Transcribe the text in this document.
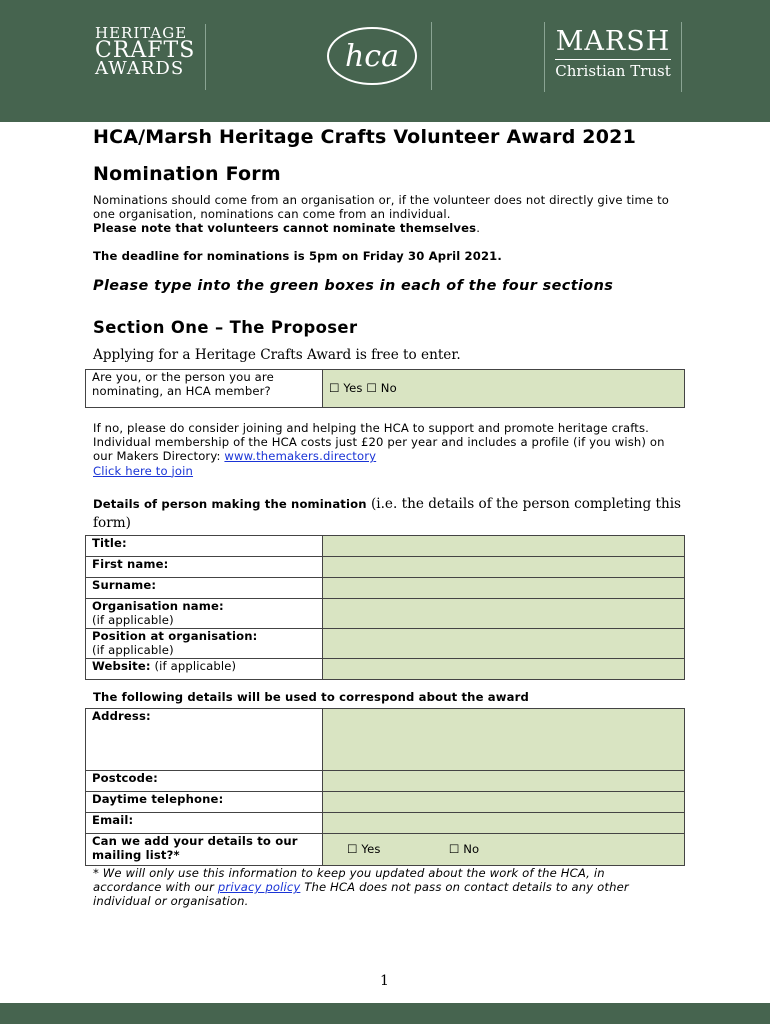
HERITAGE
CRAFTS
AWARDS	hca	MARSH
Christian Trust
HCA/Marsh Heritage Crafts Volunteer Award 2021
Nomination Form
Nominations should come from an organisation or, if the volunteer does not directly give time to one organisation, nominations can come from an individual.
Please note that volunteers cannot nominate themselves.
The deadline for nominations is 5pm on Friday 30 April 2021.
Please type into the green boxes in each of the four sections
Section One – The Proposer
Applying for a Heritage Crafts Award is free to enter.
Are you, or the person you are nominating, an HCA member?	☐ Yes ☐ No
If no, please do consider joining and helping the HCA to support and promote heritage crafts. Individual membership of the HCA costs just £20 per year and includes a profile (if you wish) on our Makers Directory: www.themakers.directory
Click here to join
Details of person making the nomination (i.e. the details of the person completing this form)
Title:	
First name:	
Surname:	
Organisation name:
(if applicable)	
Position at organisation:
(if applicable)	
Website: (if applicable)	
The following details will be used to correspond about the award
Address:	
Postcode:	
Daytime telephone:	
Email:	
Can we add your details to our mailing list?*	☐ Yes ☐ No
* We will only use this information to keep you updated about the work of the HCA, in accordance with our privacy policy The HCA does not pass on contact details to any other individual or organisation.
1
